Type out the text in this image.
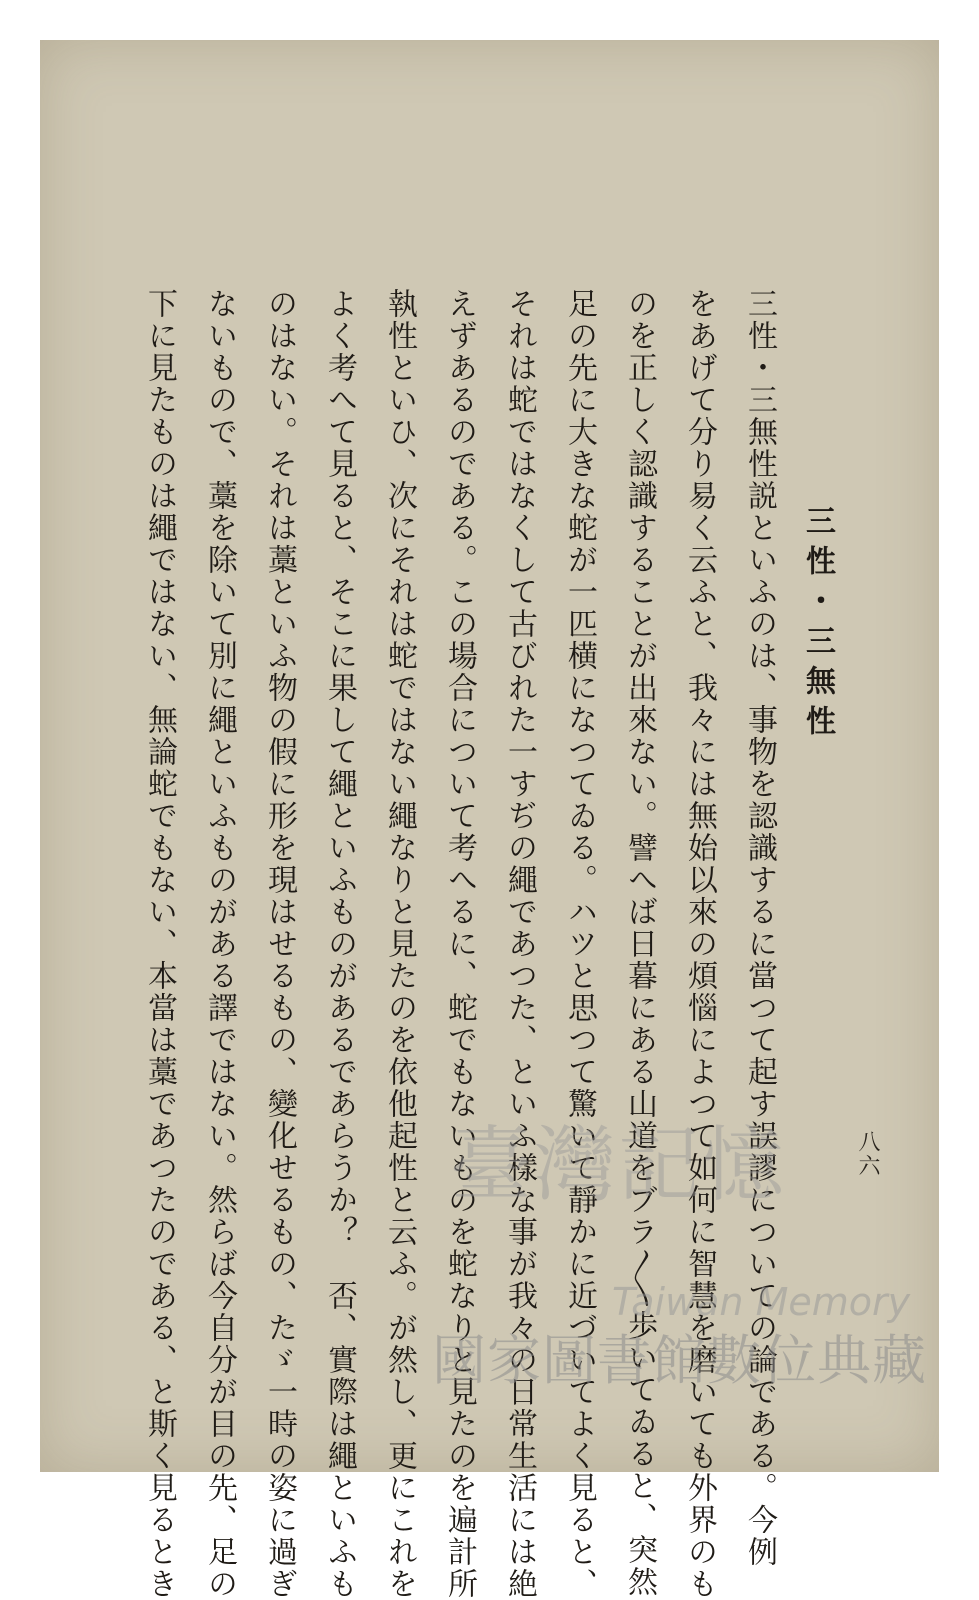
三性・三無性
三性・三無性説といふのは、事物を認識するに當つて起す誤謬についての論である。今例
をあげて分り易く云ふと、我々には無始以來の煩惱によつて如何に智慧を磨いても外界のも
のを正しく認識することが出來ない。譬へば日暮にある山道をブラ〳〵歩いてゐると、突然
足の先に大きな蛇が一匹横になつてゐる。ハツと思つて驚いて靜かに近づいてよく見ると、
それは蛇ではなくして古びれた一すぢの繩であつた、といふ樣な事が我々の日常生活には絶
えずあるのである。この場合について考へるに、蛇でもないものを蛇なりと見たのを遍計所
執性といひ、次にそれは蛇ではない繩なりと見たのを依他起性と云ふ。が然し、更にこれを
よく考へて見ると、そこに果して繩といふものがあるであらうか？　否、實際は繩といふも
のはない。それは藁といふ物の假に形を現はせるもの、變化せるもの、たゞ一時の姿に過ぎ
ないもので、藁を除いて別に繩といふものがある譯ではない。然らば今自分が目の先、足の
下に見たものは繩ではない、無論蛇でもない、本當は藁であつたのである、と斯く見るとき	八六
臺灣記憶
Taiwan Memory
國家圖書館數位典藏
